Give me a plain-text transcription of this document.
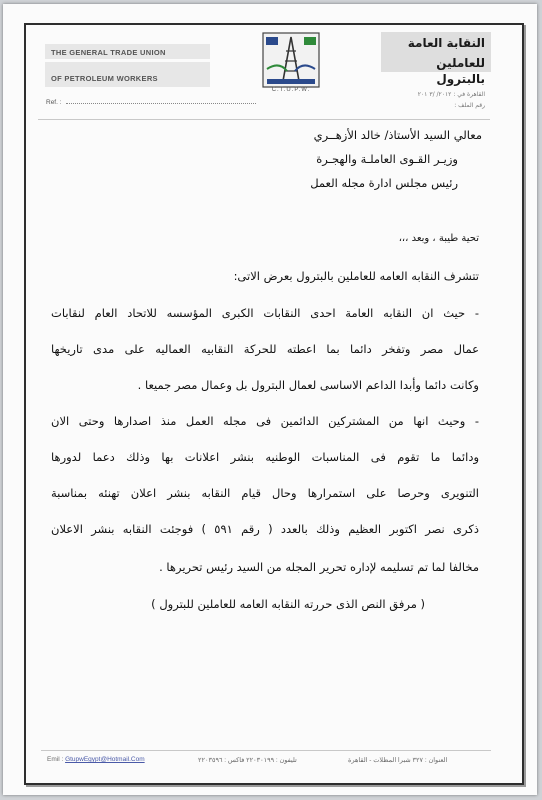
THE GENERAL TRADE UNION
OF PETROLEUM WORKERS
C.T.U.P.W.
النقابة العامة
للعاملين بالبترول
القاهرة في : ٢٠١٢/ /٣ ٢٠١
رقم الملف :
Ref. :
معالي السيد الأستاذ/ خالد الأزهــري
وزيـر القـوى العاملـة والهجـرة
رئيس مجلس ادارة مجله العمل
تحية طيبة ، وبعد ،،،
تتشرف النقابه العامه للعاملين بالبترول بعرض الاتى:
- حيث ان النقابه العامة احدى النقابات الكبرى المؤسسه للاتحاد العام لنقابات
عمال مصر وتفخر دائما بما اعطته للحركة النقابيه العماليه على مدى تاريخها
وكانت دائما وأبدا الداعم الاساسى لعمال البترول بل وعمال مصر جميعا .
- وحيث انها من المشتركين الدائمين فى مجله العمل منذ اصدارها وحتى الان
ودائما ما تقوم فى المناسبات الوطنيه بنشر اعلانات بها وذلك دعما لدورها
التنويرى وحرصا على استمرارها وحال قيام النقابه بنشر اعلان تهنئه بمناسبة
ذكرى نصر اكتوبر العظيم وذلك بالعدد ( رقم ٥٩١ ) فوجئت النقابه بنشر الاعلان
مخالفا لما تم تسليمه لإداره تحرير المجله من السيد رئيس تحريرها .
( مرفق النص الذى حررته النقابه العامه للعاملين للبترول )
Emil : GtupwEgypt@Hotmail.Com	تليفون : ٢٢٠٣٠١٩٩ فاكس : ٢٢٠٣٥٩٦	العنوان : ٣٢٧ شبرا المظلات - القاهرة
